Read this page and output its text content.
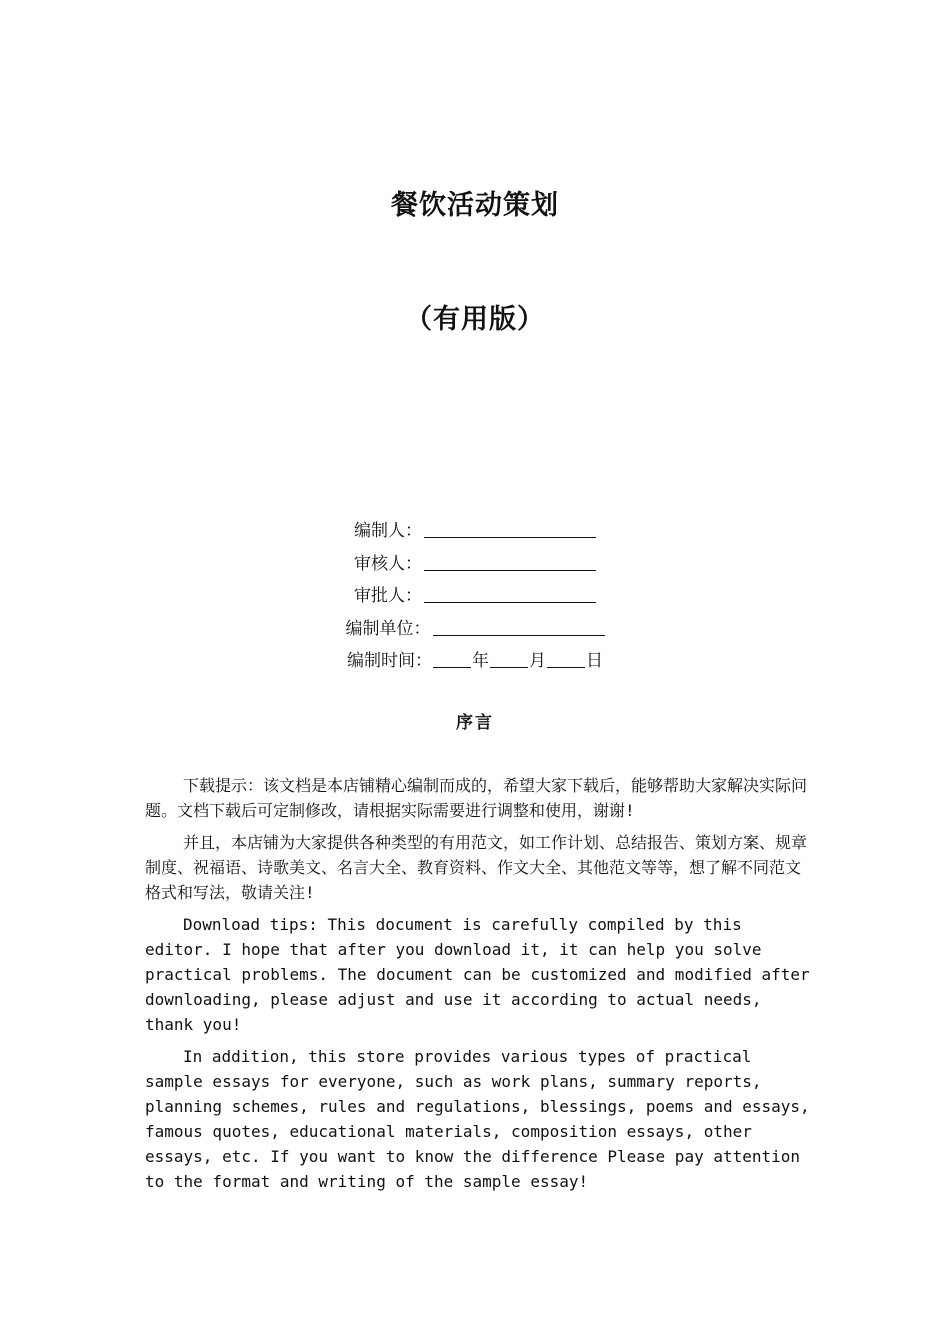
餐饮活动策划
（有用版）
编制人：
审核人：
审批人：
编制单位：
编制时间： 年 月 日
序言

下载提示：该文档是本店铺精心编制而成的，希望大家下载后，能够帮助大家解决实际问题。文档下载后可定制修改，请根据实际需要进行调整和使用，谢谢!

并且，本店铺为大家提供各种类型的有用范文，如工作计划、总结报告、策划方案、规章制度、祝福语、诗歌美文、名言大全、教育资料、作文大全、其他范文等等，想了解不同范文格式和写法，敬请关注!

Download tips: This document is carefully compiled by this editor. I hope that after you download it, it can help you solve practical problems. The document can be customized and modified after downloading, please adjust and use it according to actual needs, thank you!

In addition, this store provides various types of practical sample essays for everyone, such as work plans, summary reports, planning schemes, rules and regulations, blessings, poems and essays, famous quotes, educational materials, composition essays, other essays, etc. If you want to know the difference Please pay attention to the format and writing of the sample essay!
